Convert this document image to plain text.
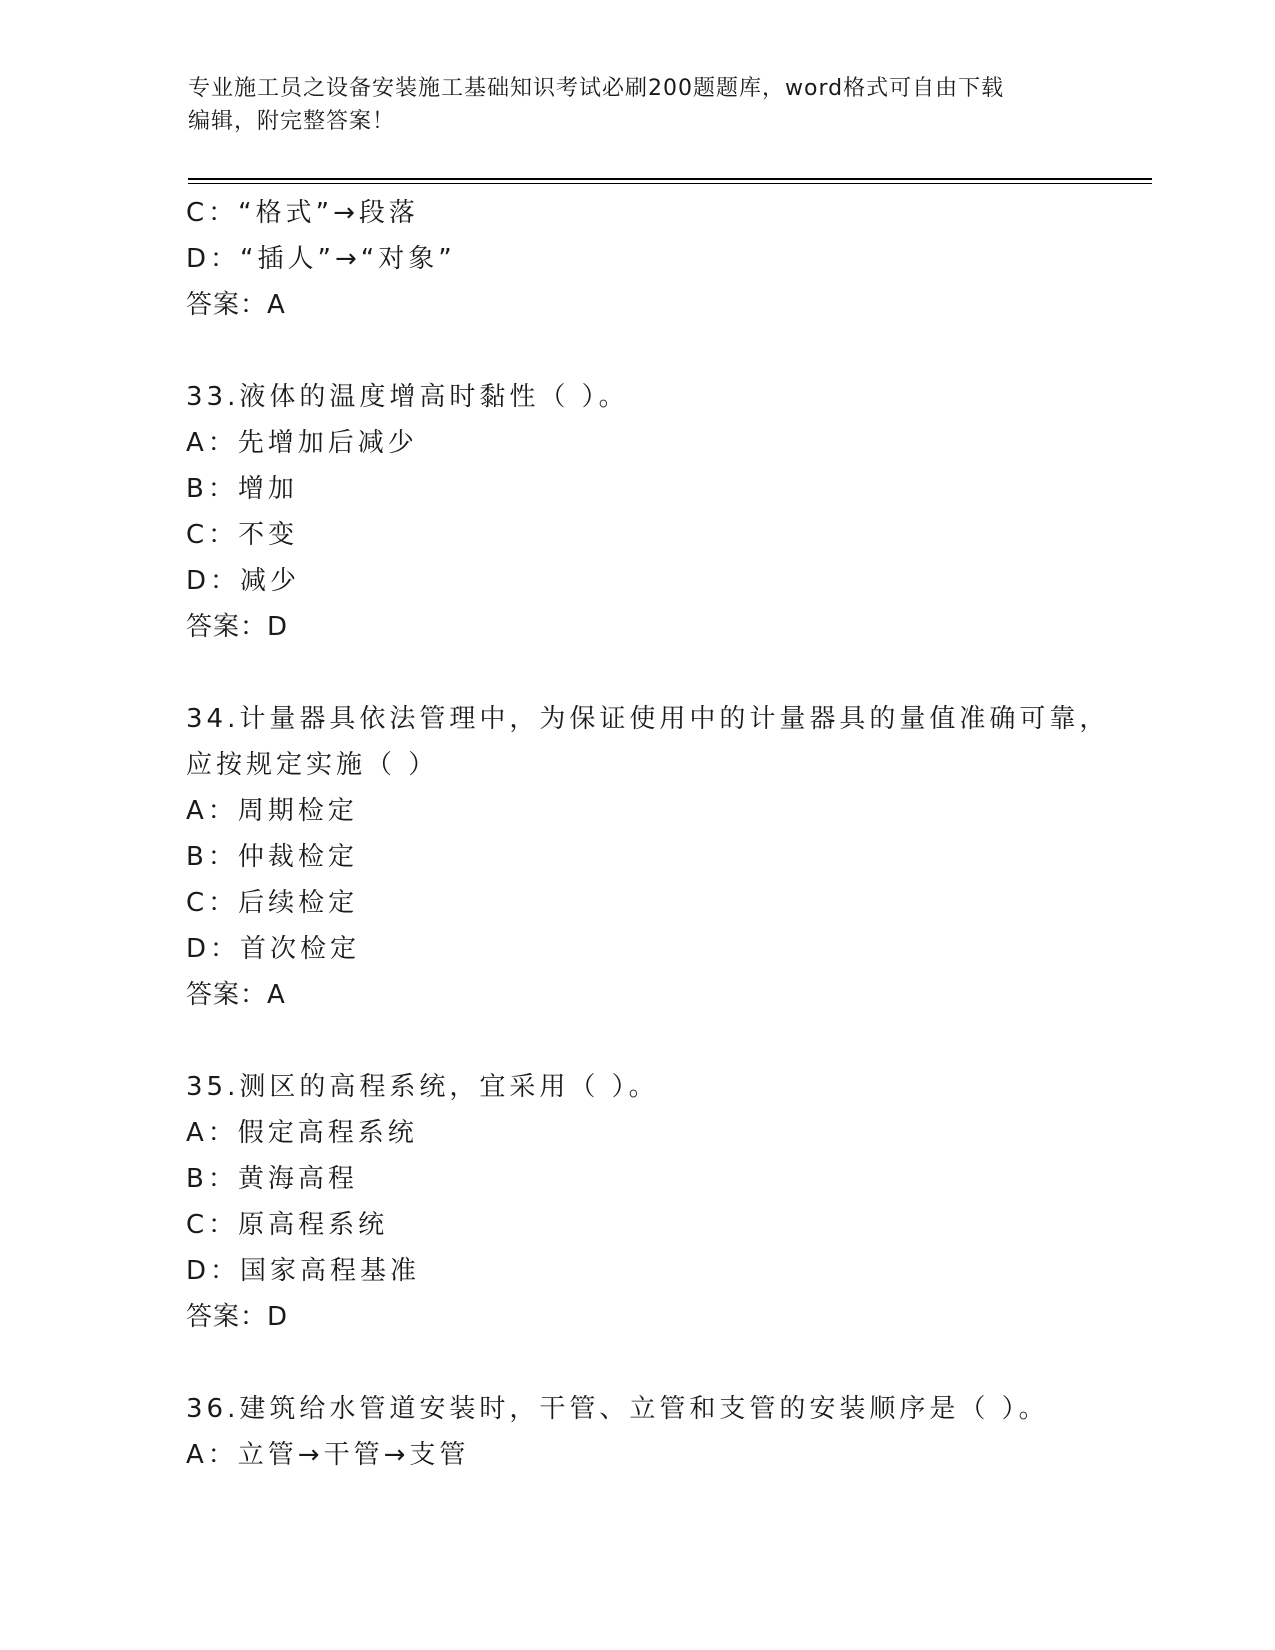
专业施工员之设备安装施工基础知识考试必刷200题题库，word格式可自由下载
编辑，附完整答案！
C：“格式”→段落
D：“插人”→“对象”
答案：A
33.液体的温度增高时黏性（ ）。
A：先增加后减少
B：增加
C：不变
D：减少
答案：D
34.计量器具依法管理中，为保证使用中的计量器具的量值准确可靠，
应按规定实施（ ）
A：周期检定
B：仲裁检定
C：后续检定
D：首次检定
答案：A
35.测区的高程系统，宜采用（ ）。
A：假定高程系统
B：黄海高程
C：原高程系统
D：国家高程基准
答案：D
36.建筑给水管道安装时，干管、立管和支管的安装顺序是（ ）。
A：立管→干管→支管
